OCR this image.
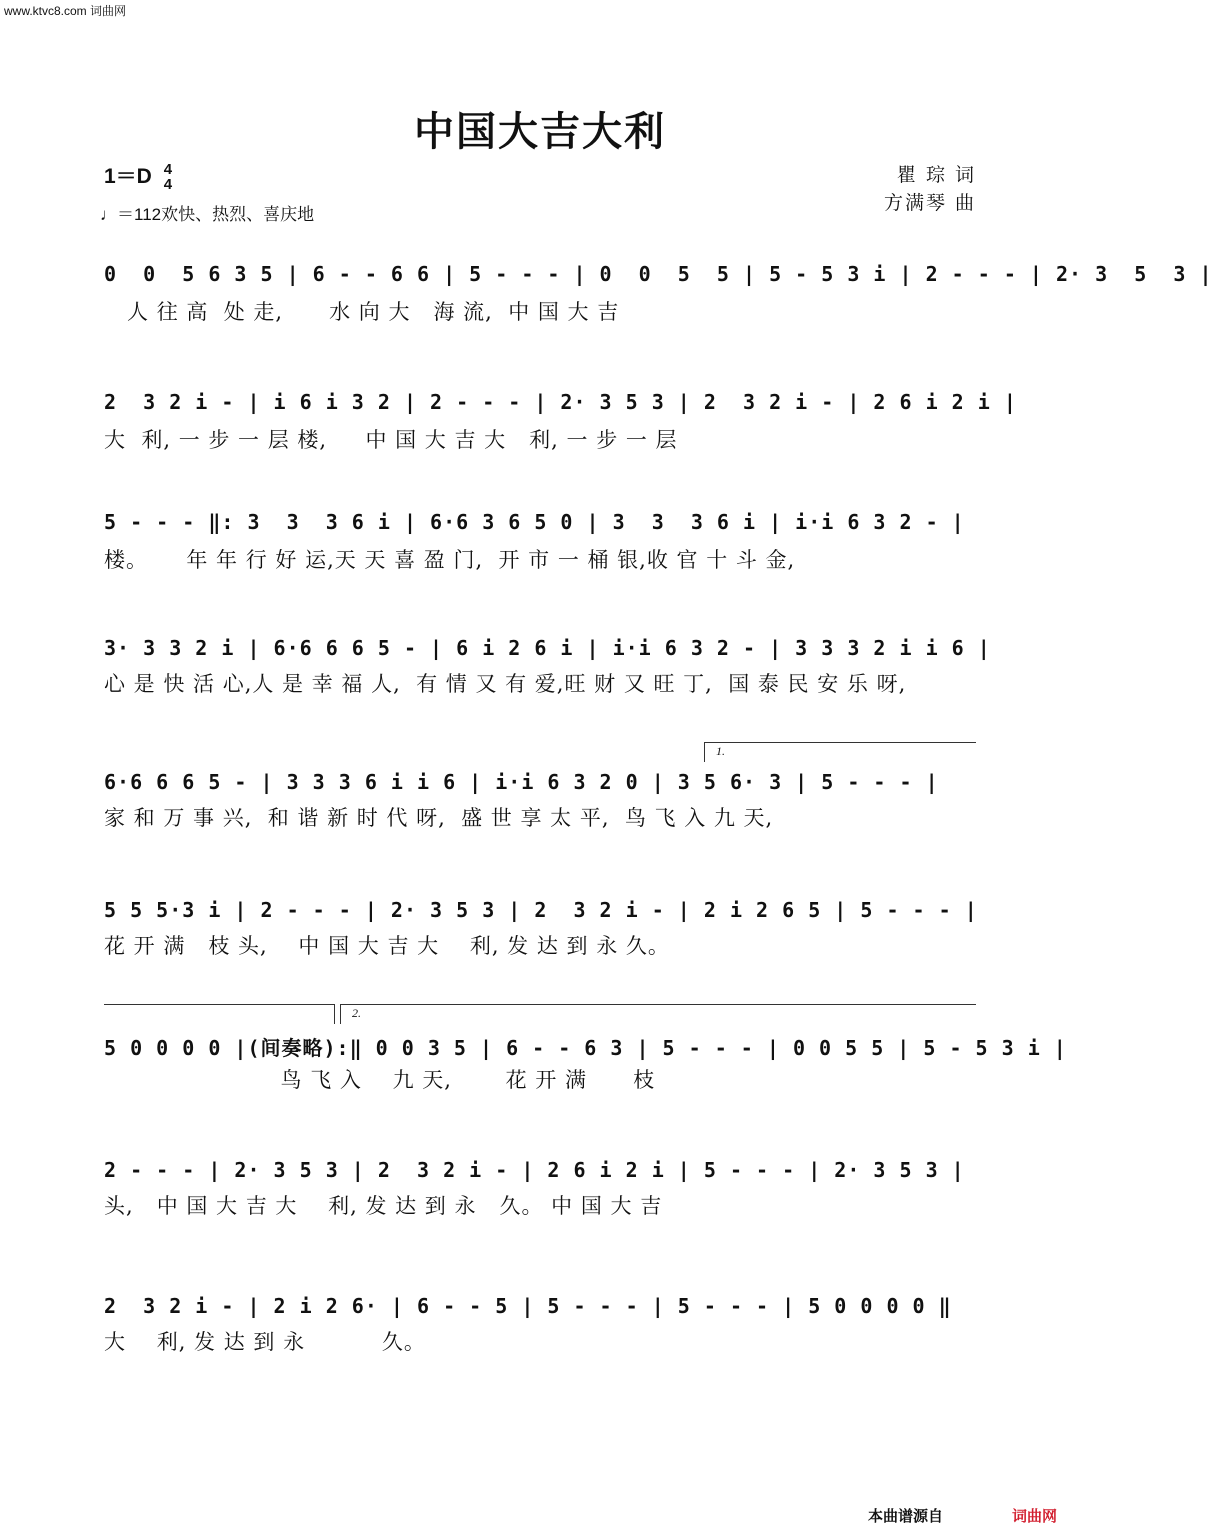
www.ktvc8.com 词曲网
中国大吉大利
1＝D 4
4
♩＝112欢快、热烈、喜庆地
瞿 琮 词
方满琴 曲
0  0  5 6 3 5 | 6 - - 6 6 | 5 - - - | 0  0  5  5 | 5 - 5 3 i | 2 - - - | 2· 3  5  3 |
人 往 高  处 走,      水 向 大   海 流,  中 国 大 吉
2  3 2 i - | i 6 i 3 2 | 2 - - - | 2· 3 5 3 | 2  3 2 i - | 2 6 i 2 i |
大  利, 一 步 一 层 楼,     中 国 大 吉 大   利, 一 步 一 层
5 - - - ‖: 3  3  3 6 i | 6·6 3 6 5 0 | 3  3  3 6 i | i·i 6 3 2 - |
楼。     年 年 行 好 运,天 天 喜 盈 门,  开 市 一 桶 银,收 官 十 斗 金,
3· 3 3 2 i | 6·6 6 6 5 - | 6 i 2 6 i | i·i 6 3 2 - | 3 3 3 2 i i 6 |
心 是 快 活 心,人 是 幸 福 人,  有 情 又 有 爱,旺 财 又 旺 丁,  国 泰 民 安 乐 呀,
1.
6·6 6 6 5 - | 3 3 3 6 i i 6 | i·i 6 3 2 0 | 3 5 6· 3 | 5 - - - |
家 和 万 事 兴,  和 谐 新 时 代 呀,  盛 世 享 太 平,  鸟 飞 入 九 天,
5 5 5·3 i | 2 - - - | 2· 3 5 3 | 2  3 2 i - | 2 i 2 6 5 | 5 - - - |
花 开 满   枝 头,    中 国 大 吉 大    利, 发 达 到 永 久。
2.
5 0 0 0 0 |(间奏略):‖ 0 0 3 5 | 6 - - 6 3 | 5 - - - | 0 0 5 5 | 5 - 5 3 i |
鸟 飞 入    九 天,       花 开 满      枝
2 - - - | 2· 3 5 3 | 2  3 2 i - | 2 6 i 2 i | 5 - - - | 2· 3 5 3 |
头,   中 国 大 吉 大    利, 发 达 到 永   久。 中 国 大 吉
2  3 2 i - | 2 i 2 6· | 6 - - 5 | 5 - - - | 5 - - - | 5 0 0 0 0 ‖
大    利, 发 达 到 永          久。
本曲谱源自	词曲网
